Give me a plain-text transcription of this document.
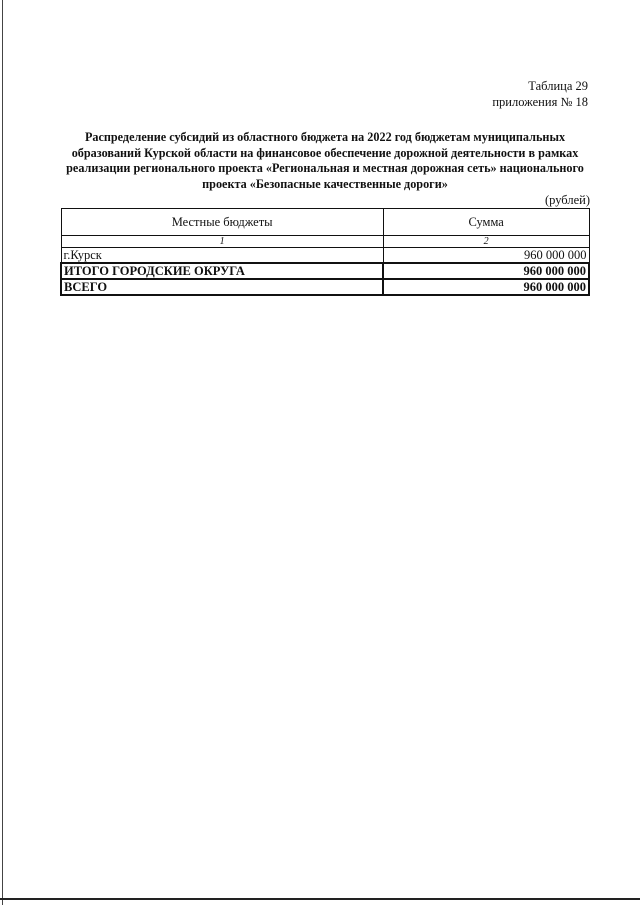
Таблица 29
приложения № 18
Распределение субсидий из областного бюджета на 2022 год бюджетам муниципальных образований Курской области на финансовое обеспечение дорожной деятельности в рамках реализации регионального проекта «Региональная и местная дорожная сеть» национального проекта «Безопасные качественные дороги»
(рублей)
Местные бюджеты	Сумма
1	2
г.Курск	960 000 000
ИТОГО ГОРОДСКИЕ ОКРУГА	960 000 000
ВСЕГО	960 000 000
